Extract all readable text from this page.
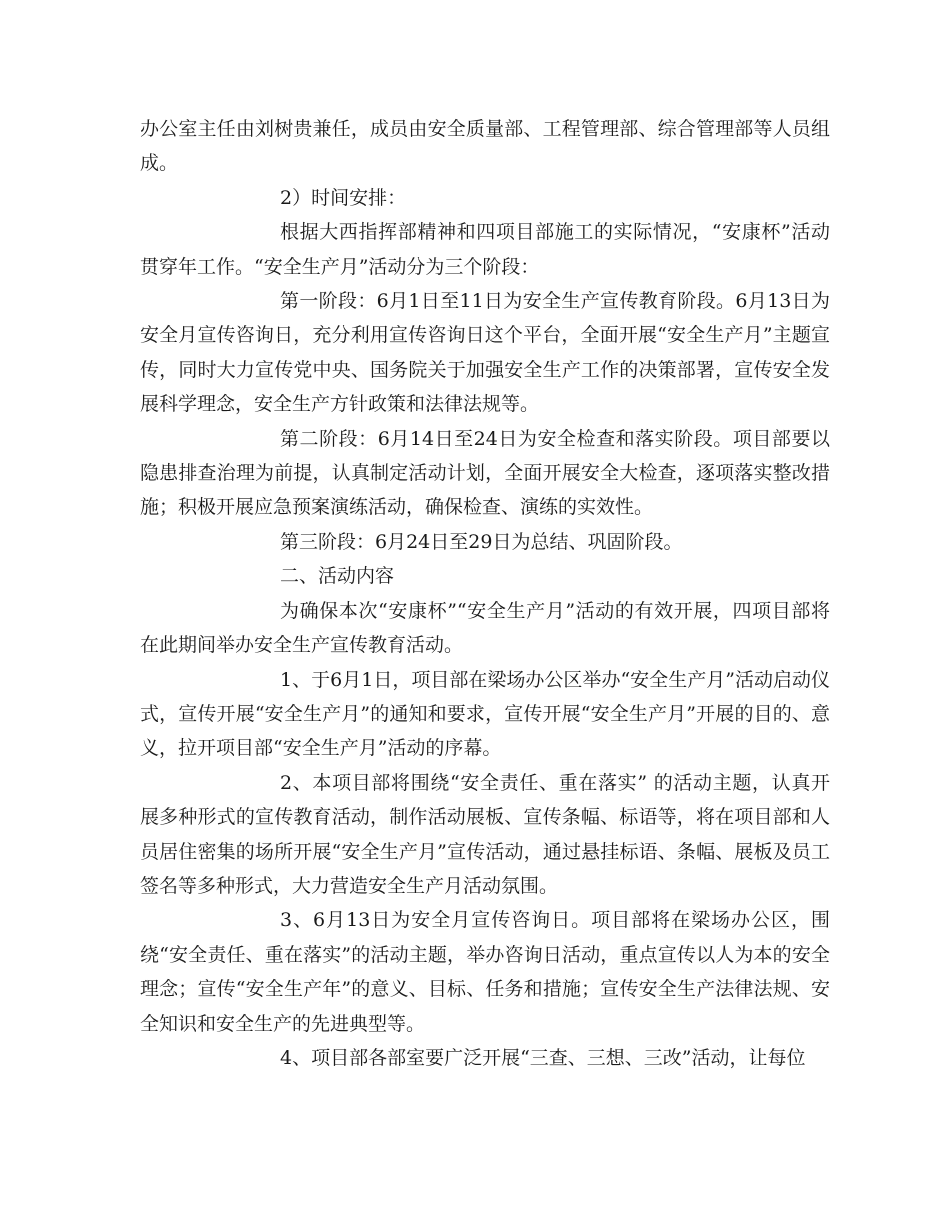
办公室主任由刘树贵兼任，成员由安全质量部、工程管理部、综合管理部等人员组成。

2）时间安排：

根据大西指挥部精神和四项目部施工的实际情况，“安康杯”活动贯穿年工作。“安全生产月”活动分为三个阶段：

第一阶段：6月1日至11日为安全生产宣传教育阶段。6月13日为安全月宣传咨询日，充分利用宣传咨询日这个平台，全面开展“安全生产月”主题宣传，同时大力宣传党中央、国务院关于加强安全生产工作的决策部署，宣传安全发展科学理念，安全生产方针政策和法律法规等。

第二阶段：6月14日至24日为安全检查和落实阶段。项目部要以隐患排查治理为前提，认真制定活动计划，全面开展安全大检查，逐项落实整改措施；积极开展应急预案演练活动，确保检查、演练的实效性。

第三阶段：6月24日至29日为总结、巩固阶段。

二、活动内容

为确保本次“安康杯”“安全生产月”活动的有效开展，四项目部将在此期间举办安全生产宣传教育活动。

1、于6月1日，项目部在梁场办公区举办“安全生产月”活动启动仪式，宣传开展“安全生产月”的通知和要求，宣传开展“安全生产月”开展的目的、意义，拉开项目部“安全生产月”活动的序幕。

2、本项目部将围绕“安全责任、重在落实” 的活动主题，认真开展多种形式的宣传教育活动，制作活动展板、宣传条幅、标语等，将在项目部和人员居住密集的场所开展“安全生产月”宣传活动，通过悬挂标语、条幅、展板及员工签名等多种形式，大力营造安全生产月活动氛围。

3、6月13日为安全月宣传咨询日。项目部将在梁场办公区，围绕“安全责任、重在落实”的活动主题，举办咨询日活动，重点宣传以人为本的安全理念；宣传“安全生产年”的意义、目标、任务和措施；宣传安全生产法律法规、安全知识和安全生产的先进典型等。

4、项目部各部室要广泛开展“三查、三想、三改”活动，让每位
